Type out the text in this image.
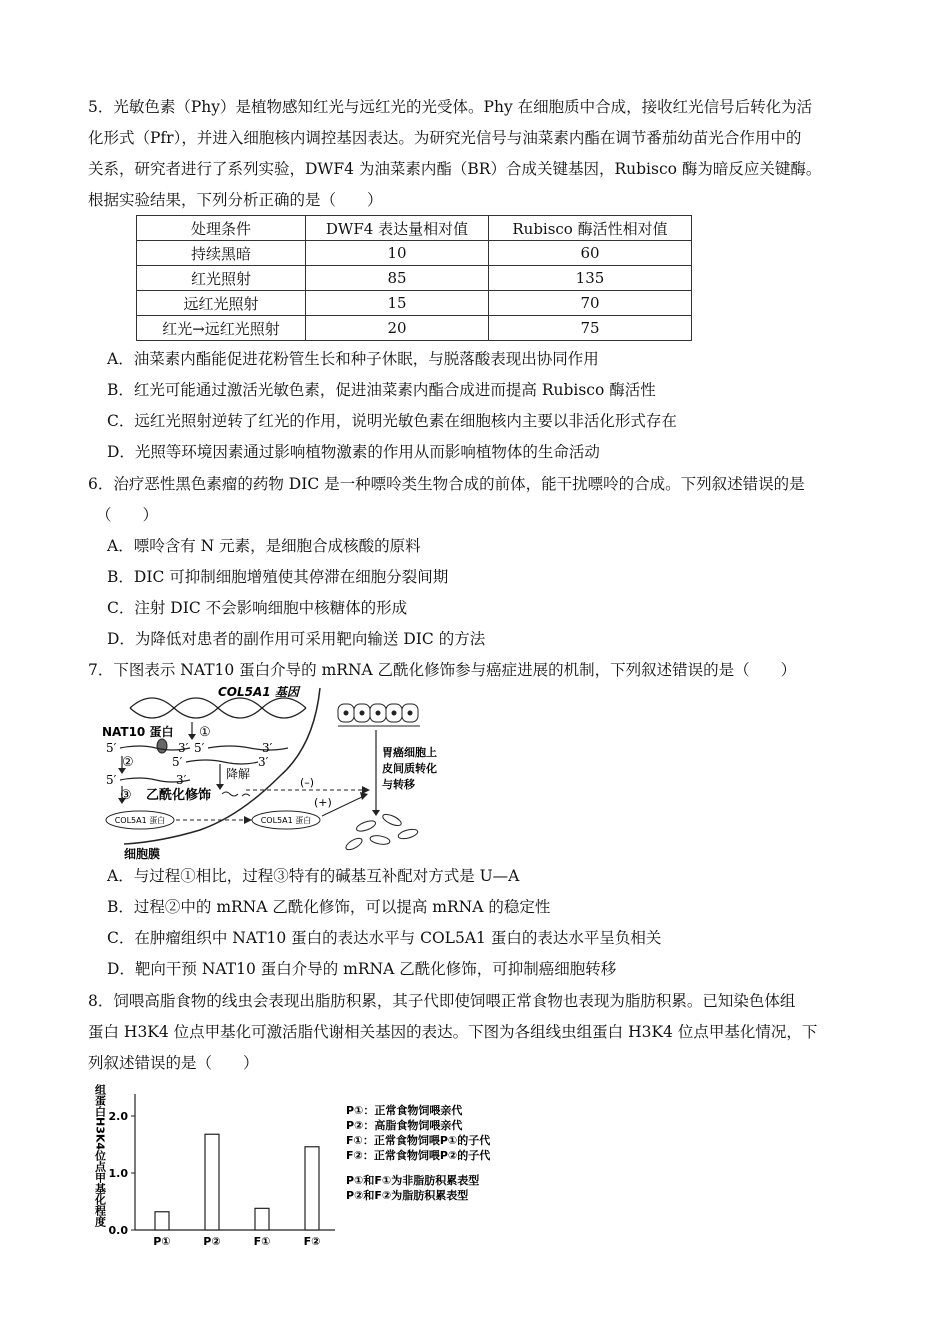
5．光敏色素（Phy）是植物感知红光与远红光的光受体。Phy 在细胞质中合成，接收红光信号后转化为活
化形式（Pfr），并进入细胞核内调控基因表达。为研究光信号与油菜素内酯在调节番茄幼苗光合作用中的
关系，研究者进行了系列实验，DWF4 为油菜素内酯（BR）合成关键基因，Rubisco 酶为暗反应关键酶。
根据实验结果，下列分析正确的是（　　）
处理条件	DWF4 表达量相对值	Rubisco 酶活性相对值
持续黑暗	10	60
红光照射	85	135
远红光照射	15	70
红光→远红光照射	20	75
A．油菜素内酯能促进花粉管生长和种子休眠，与脱落酸表现出协同作用
B．红光可能通过激活光敏色素，促进油菜素内酯合成进而提高 Rubisco 酶活性
C．远红光照射逆转了红光的作用，说明光敏色素在细胞核内主要以非活化形式存在
D．光照等环境因素通过影响植物激素的作用从而影响植物体的生命活动
6．治疗恶性黑色素瘤的药物 DIC 是一种嘌呤类生物合成的前体，能干扰嘌呤的合成。下列叙述错误的是
（　　）
A．嘌呤含有 N 元素，是细胞合成核酸的原料
B．DIC 可抑制细胞增殖使其停滞在细胞分裂间期
C．注射 DIC 不会影响细胞中核糖体的形成
D．为降低对患者的副作用可采用靶向输送 DIC 的方法
7．下图表示 NAT10 蛋白介导的 mRNA 乙酰化修饰参与癌症进展的机制，下列叙述错误的是（　　）
COL5A1 基因
①
NAT10 蛋白
5′	3′ 5′	3′
②
5′	3′
5′	3′
降解
③ 乙酰化修饰
(–)
COL5A1 蛋白	COL5A1 蛋白
(+)
细胞膜
胃癌细胞上
皮间质转化
与转移
A．与过程①相比，过程③特有的碱基互补配对方式是 U—A
B．过程②中的 mRNA 乙酰化修饰，可以提高 mRNA 的稳定性
C．在肿瘤组织中 NAT10 蛋白的表达水平与 COL5A1 蛋白的表达水平呈负相关
D．靶向干预 NAT10 蛋白介导的 mRNA 乙酰化修饰，可抑制癌细胞转移
8．饲喂高脂食物的线虫会表现出脂肪积累，其子代即使饲喂正常食物也表现为脂肪积累。已知染色体组
蛋白 H3K4 位点甲基化可激活脂代谢相关基因的表达。下图为各组线虫组蛋白 H3K4 位点甲基化情况，下
列叙述错误的是（　　）
组蛋白H3K4位点甲基化程度
0.0
1.0
2.0
P①	P②	F①	F②
P①：正常食物饲喂亲代
P②：高脂食物饲喂亲代
F①：正常食物饲喂P①的子代
F②：正常食物饲喂P②的子代
P①和F①为非脂肪积累表型
P②和F②为脂肪积累表型
